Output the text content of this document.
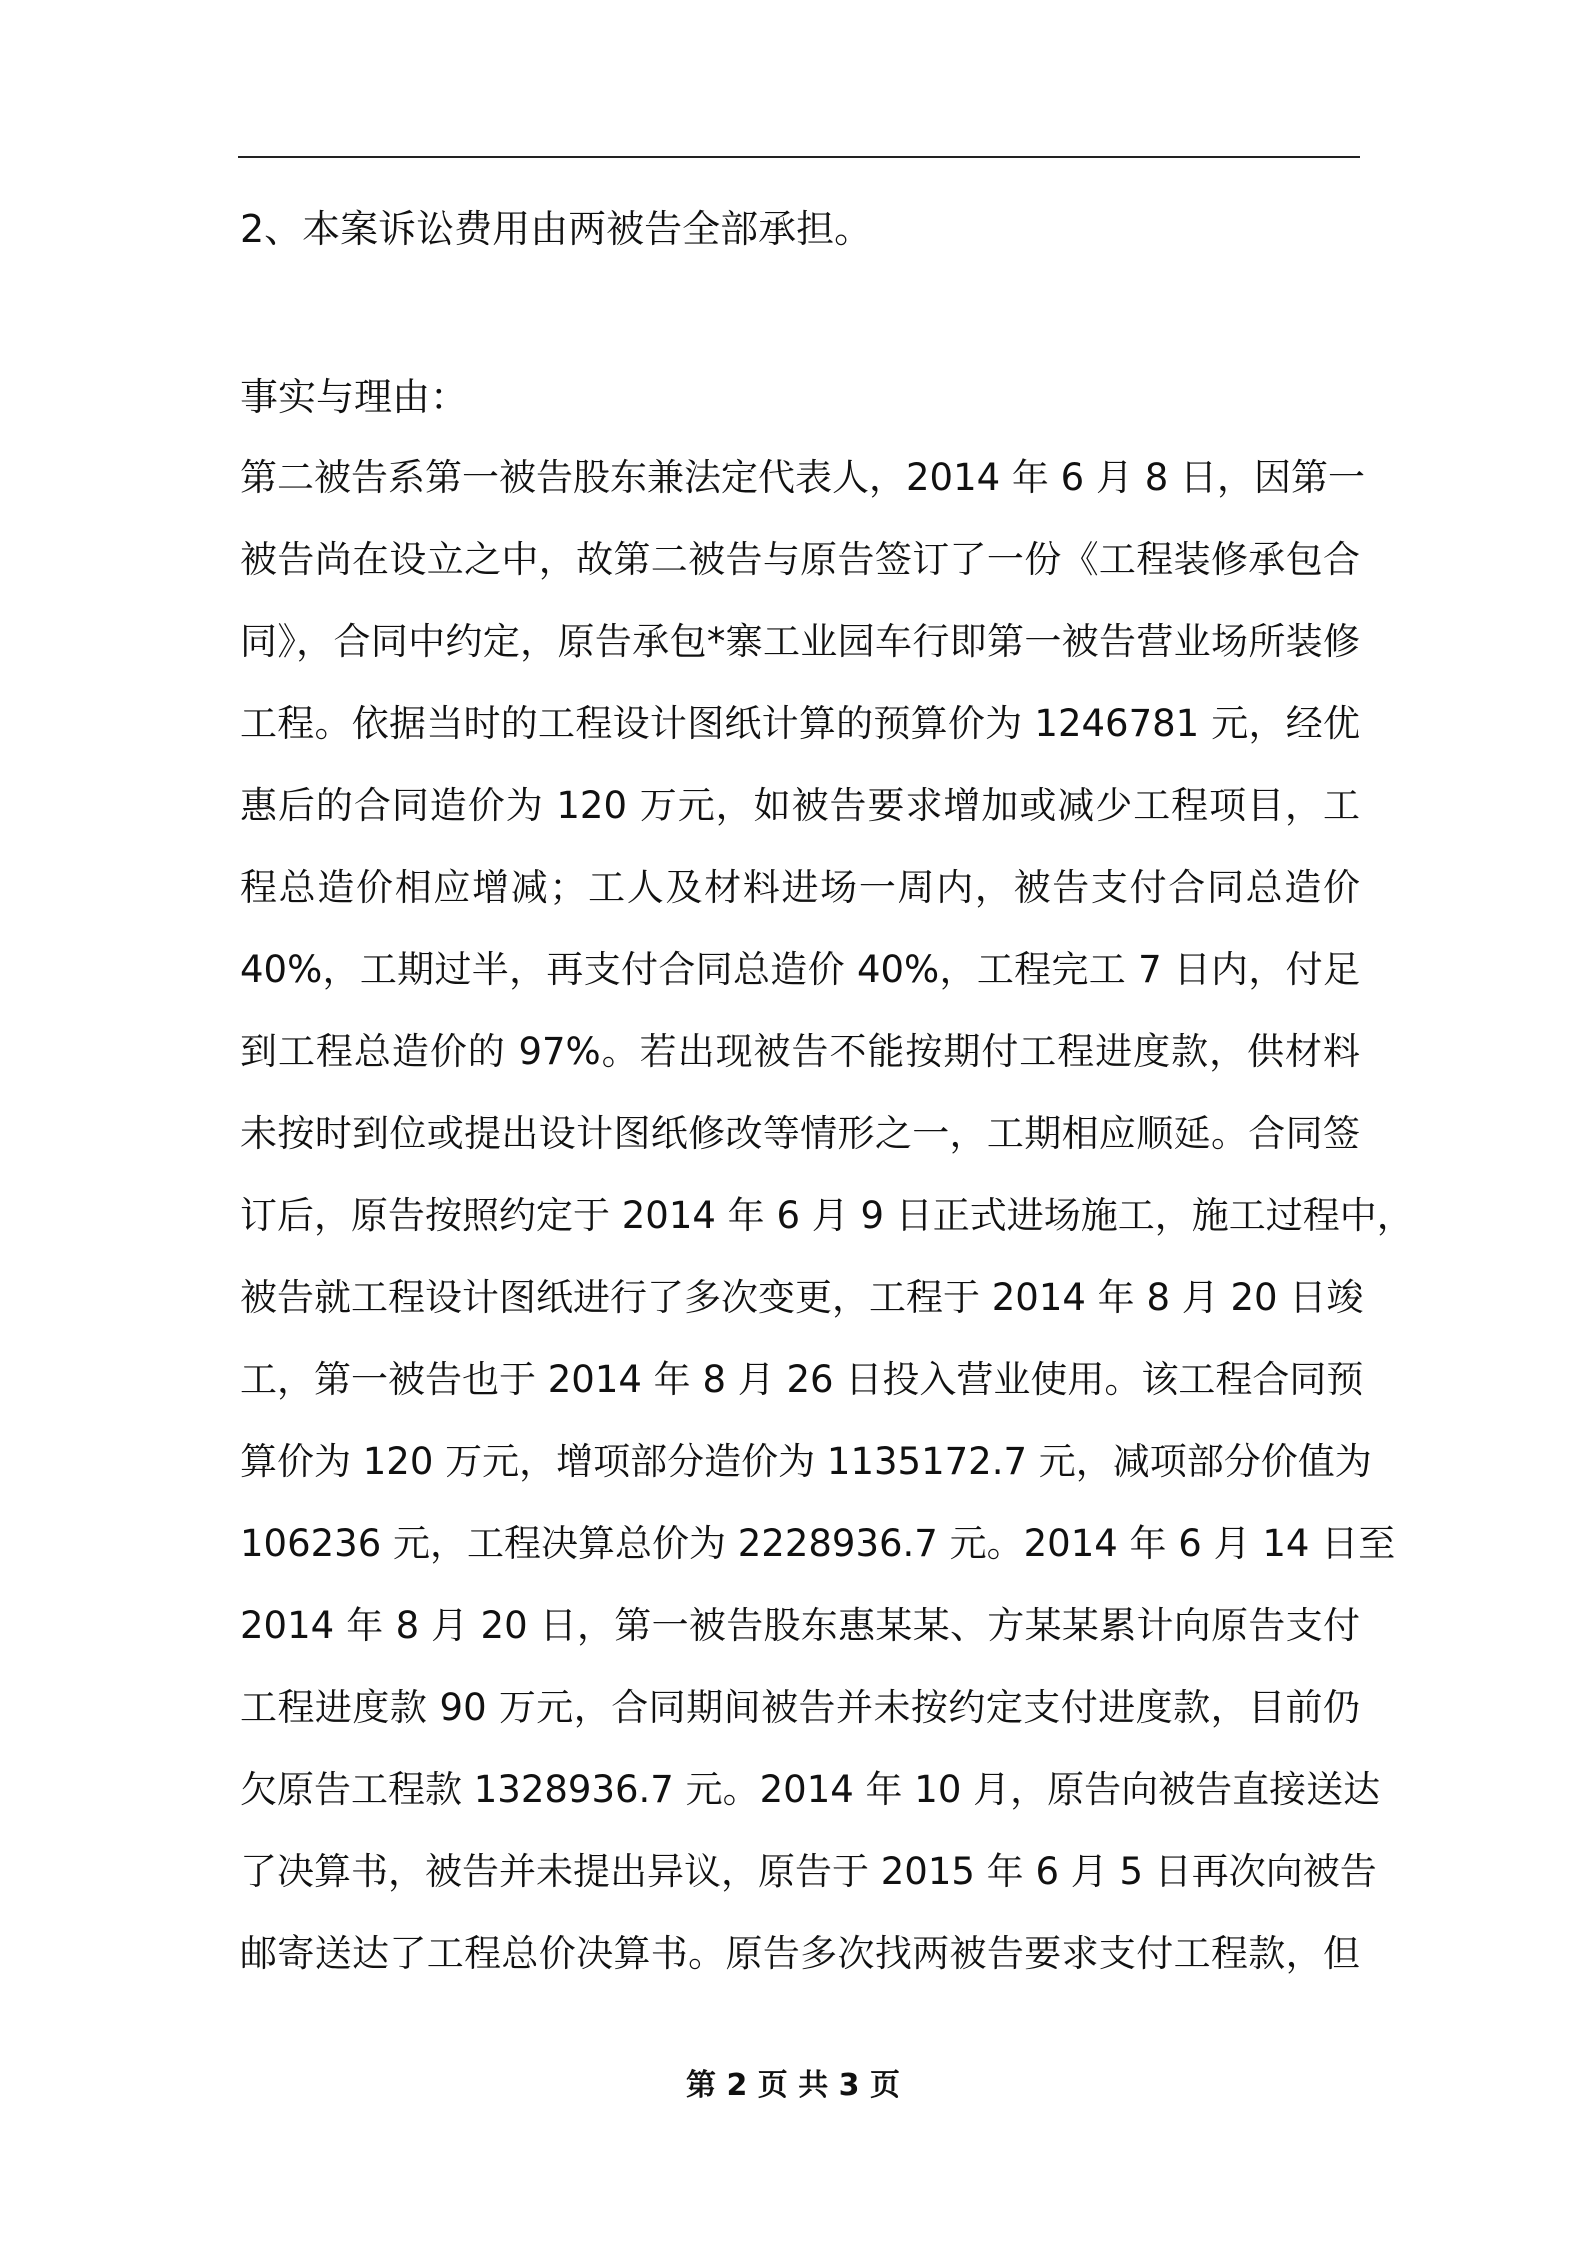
2、本案诉讼费用由两被告全部承担。
事实与理由：
第二被告系第一被告股东兼法定代表人，2014 年 6 月 8 日，因第一
被告尚在设立之中，故第二被告与原告签订了一份《工程装修承包合
同》，合同中约定，原告承包*寨工业园车行即第一被告营业场所装修
工程。依据当时的工程设计图纸计算的预算价为 1246781 元，经优
惠后的合同造价为 120 万元，如被告要求增加或减少工程项目，工
程总造价相应增减；工人及材料进场一周内，被告支付合同总造价
40%，工期过半，再支付合同总造价 40%，工程完工 7 日内，付足
到工程总造价的 97%。若出现被告不能按期付工程进度款，供材料
未按时到位或提出设计图纸修改等情形之一，工期相应顺延。合同签
订后，原告按照约定于 2014 年 6 月 9 日正式进场施工，施工过程中，
被告就工程设计图纸进行了多次变更，工程于 2014 年 8 月 20 日竣
工，第一被告也于 2014 年 8 月 26 日投入营业使用。该工程合同预
算价为 120 万元，增项部分造价为 1135172.7 元，减项部分价值为
106236 元，工程决算总价为 2228936.7 元。2014 年 6 月 14 日至
2014 年 8 月 20 日，第一被告股东惠某某、方某某累计向原告支付
工程进度款 90 万元，合同期间被告并未按约定支付进度款，目前仍
欠原告工程款 1328936.7 元。2014 年 10 月，原告向被告直接送达
了决算书，被告并未提出异议，原告于 2015 年 6 月 5 日再次向被告
邮寄送达了工程总价决算书。原告多次找两被告要求支付工程款，但
第 2 页 共 3 页
